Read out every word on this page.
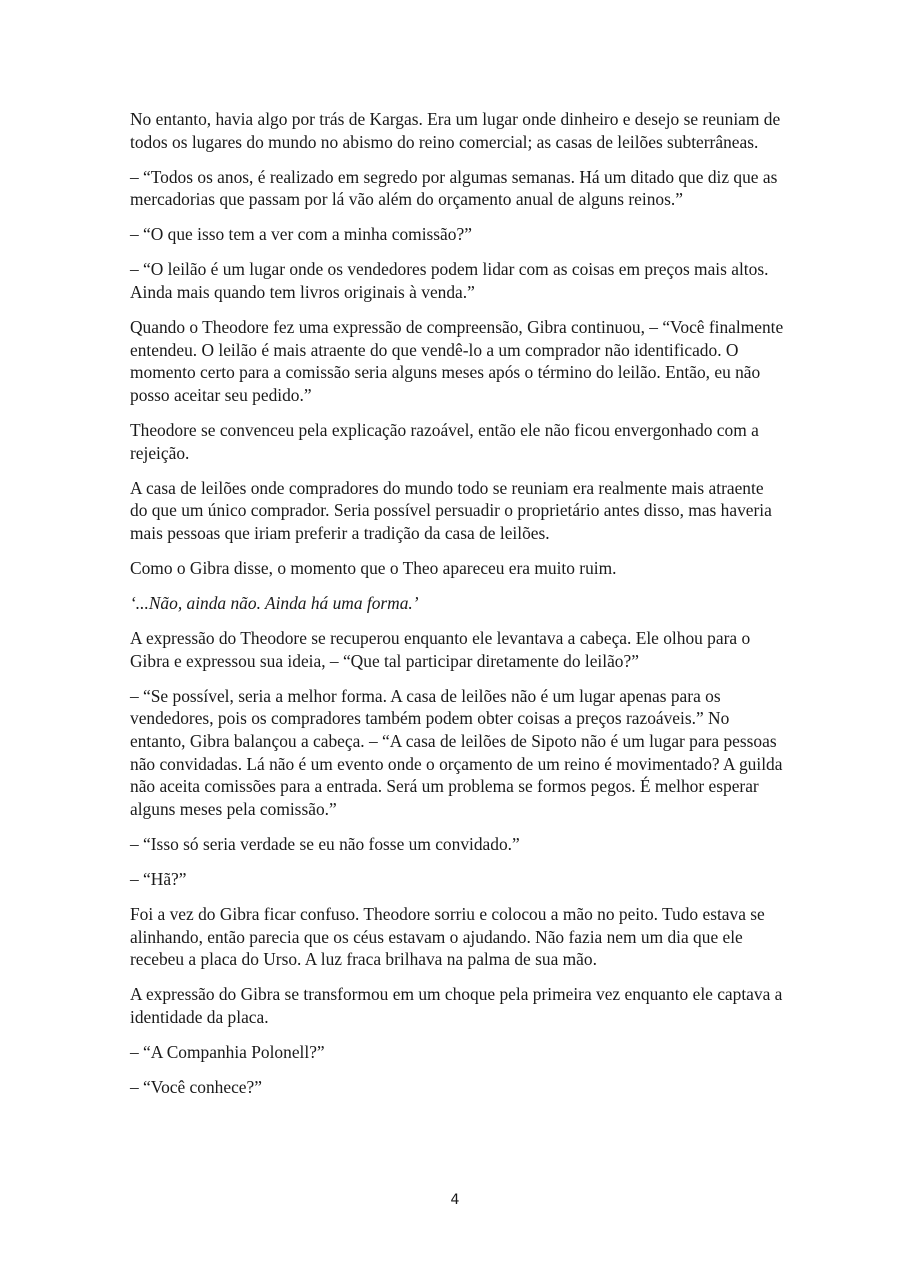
No entanto, havia algo por trás de Kargas. Era um lugar onde dinheiro e desejo se reuniam de todos os lugares do mundo no abismo do reino comercial; as casas de leilões subterrâneas.

– “Todos os anos, é realizado em segredo por algumas semanas. Há um ditado que diz que as mercadorias que passam por lá vão além do orçamento anual de alguns reinos.”

– “O que isso tem a ver com a minha comissão?”

– “O leilão é um lugar onde os vendedores podem lidar com as coisas em preços mais altos. Ainda mais quando tem livros originais à venda.”

Quando o Theodore fez uma expressão de compreensão, Gibra continuou, – “Você finalmente entendeu. O leilão é mais atraente do que vendê-lo a um comprador não identificado. O momento certo para a comissão seria alguns meses após o término do leilão. Então, eu não posso aceitar seu pedido.”

Theodore se convenceu pela explicação razoável, então ele não ficou envergonhado com a rejeição.

A casa de leilões onde compradores do mundo todo se reuniam era realmente mais atraente do que um único comprador. Seria possível persuadir o proprietário antes disso, mas haveria mais pessoas que iriam preferir a tradição da casa de leilões.

Como o Gibra disse, o momento que o Theo apareceu era muito ruim.

‘...Não, ainda não. Ainda há uma forma.’

A expressão do Theodore se recuperou enquanto ele levantava a cabeça. Ele olhou para o Gibra e expressou sua ideia, – “Que tal participar diretamente do leilão?”

– “Se possível, seria a melhor forma. A casa de leilões não é um lugar apenas para os vendedores, pois os compradores também podem obter coisas a preços razoáveis.” No entanto, Gibra balançou a cabeça. – “A casa de leilões de Sipoto não é um lugar para pessoas não convidadas. Lá não é um evento onde o orçamento de um reino é movimentado? A guilda não aceita comissões para a entrada. Será um problema se formos pegos. É melhor esperar alguns meses pela comissão.”

– “Isso só seria verdade se eu não fosse um convidado.”

– “Hã?”

Foi a vez do Gibra ficar confuso. Theodore sorriu e colocou a mão no peito. Tudo estava se alinhando, então parecia que os céus estavam o ajudando. Não fazia nem um dia que ele recebeu a placa do Urso. A luz fraca brilhava na palma de sua mão.

A expressão do Gibra se transformou em um choque pela primeira vez enquanto ele captava a identidade da placa.

– “A Companhia Polonell?”

– “Você conhece?”

4
